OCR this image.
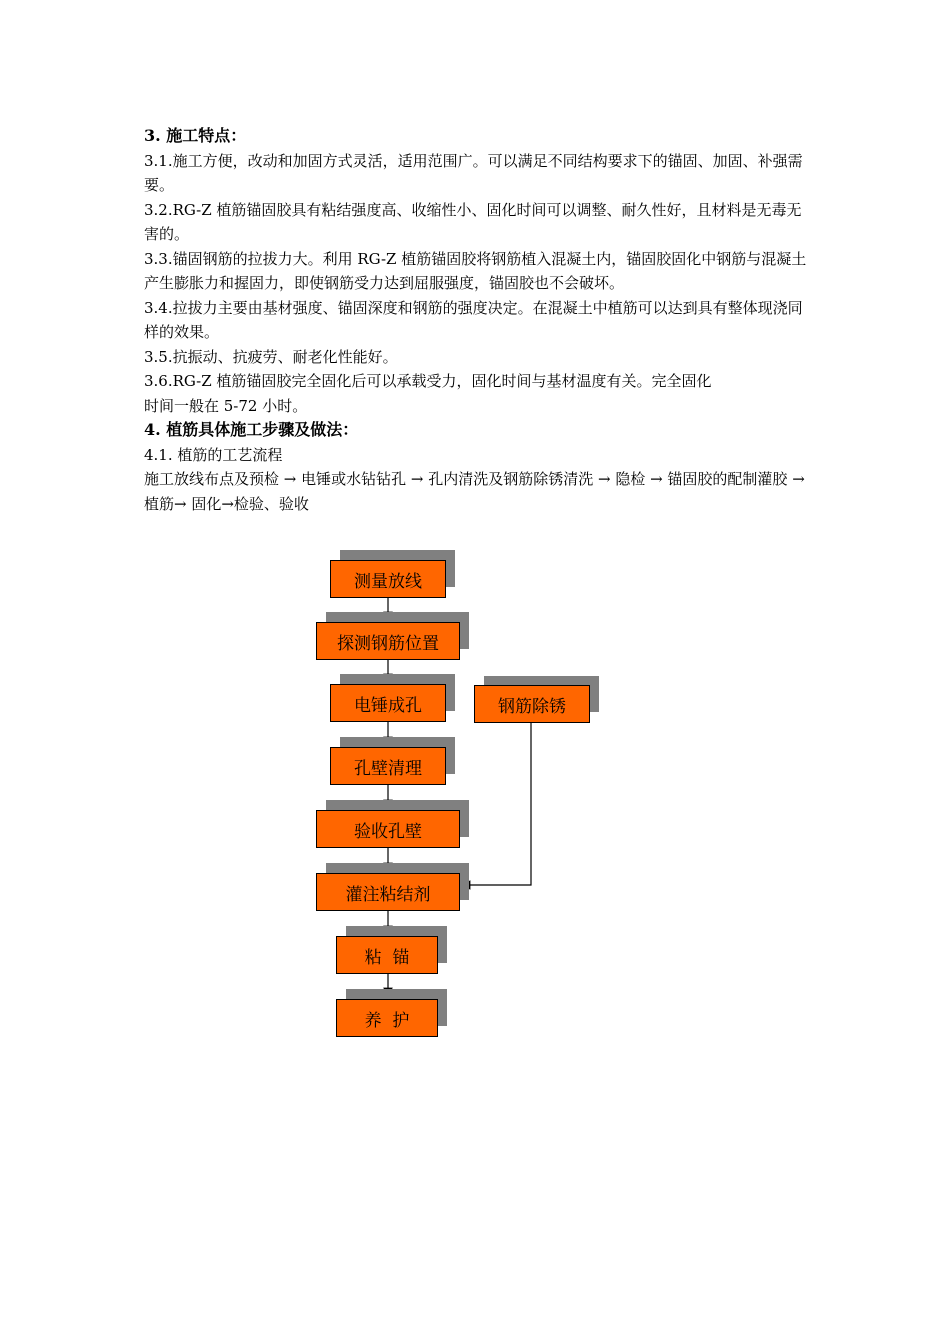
3. 施工特点：

3.1.施工方便，改动和加固方式灵活，适用范围广。可以满足不同结构要求下的锚固、加固、补强需要。

3.2.RG-Z 植筋锚固胶具有粘结强度高、收缩性小、固化时间可以调整、耐久性好，且材料是无毒无害的。

3.3.锚固钢筋的拉拔力大。利用 RG-Z 植筋锚固胶将钢筋植入混凝土内，锚固胶固化中钢筋与混凝土产生膨胀力和握固力，即使钢筋受力达到屈服强度，锚固胶也不会破坏。

3.4.拉拔力主要由基材强度、锚固深度和钢筋的强度决定。在混凝土中植筋可以达到具有整体现浇同样的效果。

3.5.抗振动、抗疲劳、耐老化性能好。

3.6.RG-Z 植筋锚固胶完全固化后可以承载受力，固化时间与基材温度有关。完全固化

时间一般在 5-72 小时。

4. 植筋具体施工步骤及做法：

4.1. 植筋的工艺流程

施工放线布点及预检 → 电锤或水钻钻孔 → 孔内清洗及钢筋除锈清洗 → 隐检 → 锚固胶的配制灌胶 → 植筋→ 固化→检验、验收

测量放线
探测钢筋位置
电锤成孔	钢筋除锈
孔壁清理
验收孔壁
灌注粘结剂
粘  锚
养  护
